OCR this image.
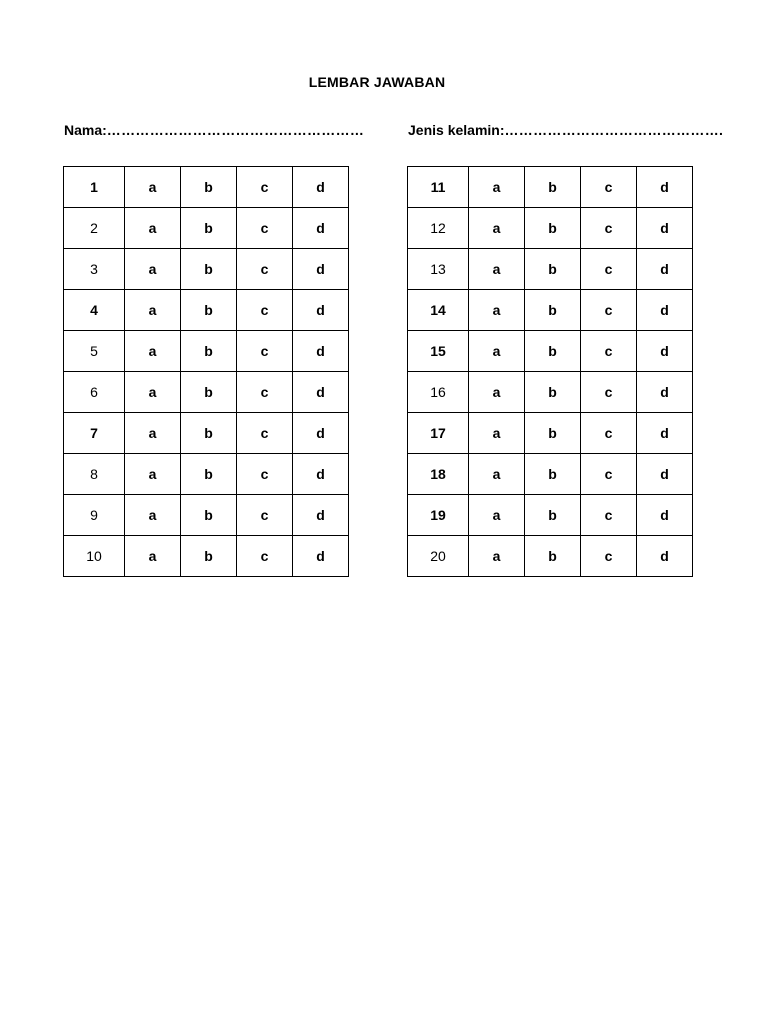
LEMBAR JAWABAN
Nama:………………………………………………	Jenis kelamin:……………………………………….
1	a	b	c	d
2	a	b	c	d
3	a	b	c	d
4	a	b	c	d
5	a	b	c	d
6	a	b	c	d
7	a	b	c	d
8	a	b	c	d
9	a	b	c	d
10	a	b	c	d
11	a	b	c	d
12	a	b	c	d
13	a	b	c	d
14	a	b	c	d
15	a	b	c	d
16	a	b	c	d
17	a	b	c	d
18	a	b	c	d
19	a	b	c	d
20	a	b	c	d
